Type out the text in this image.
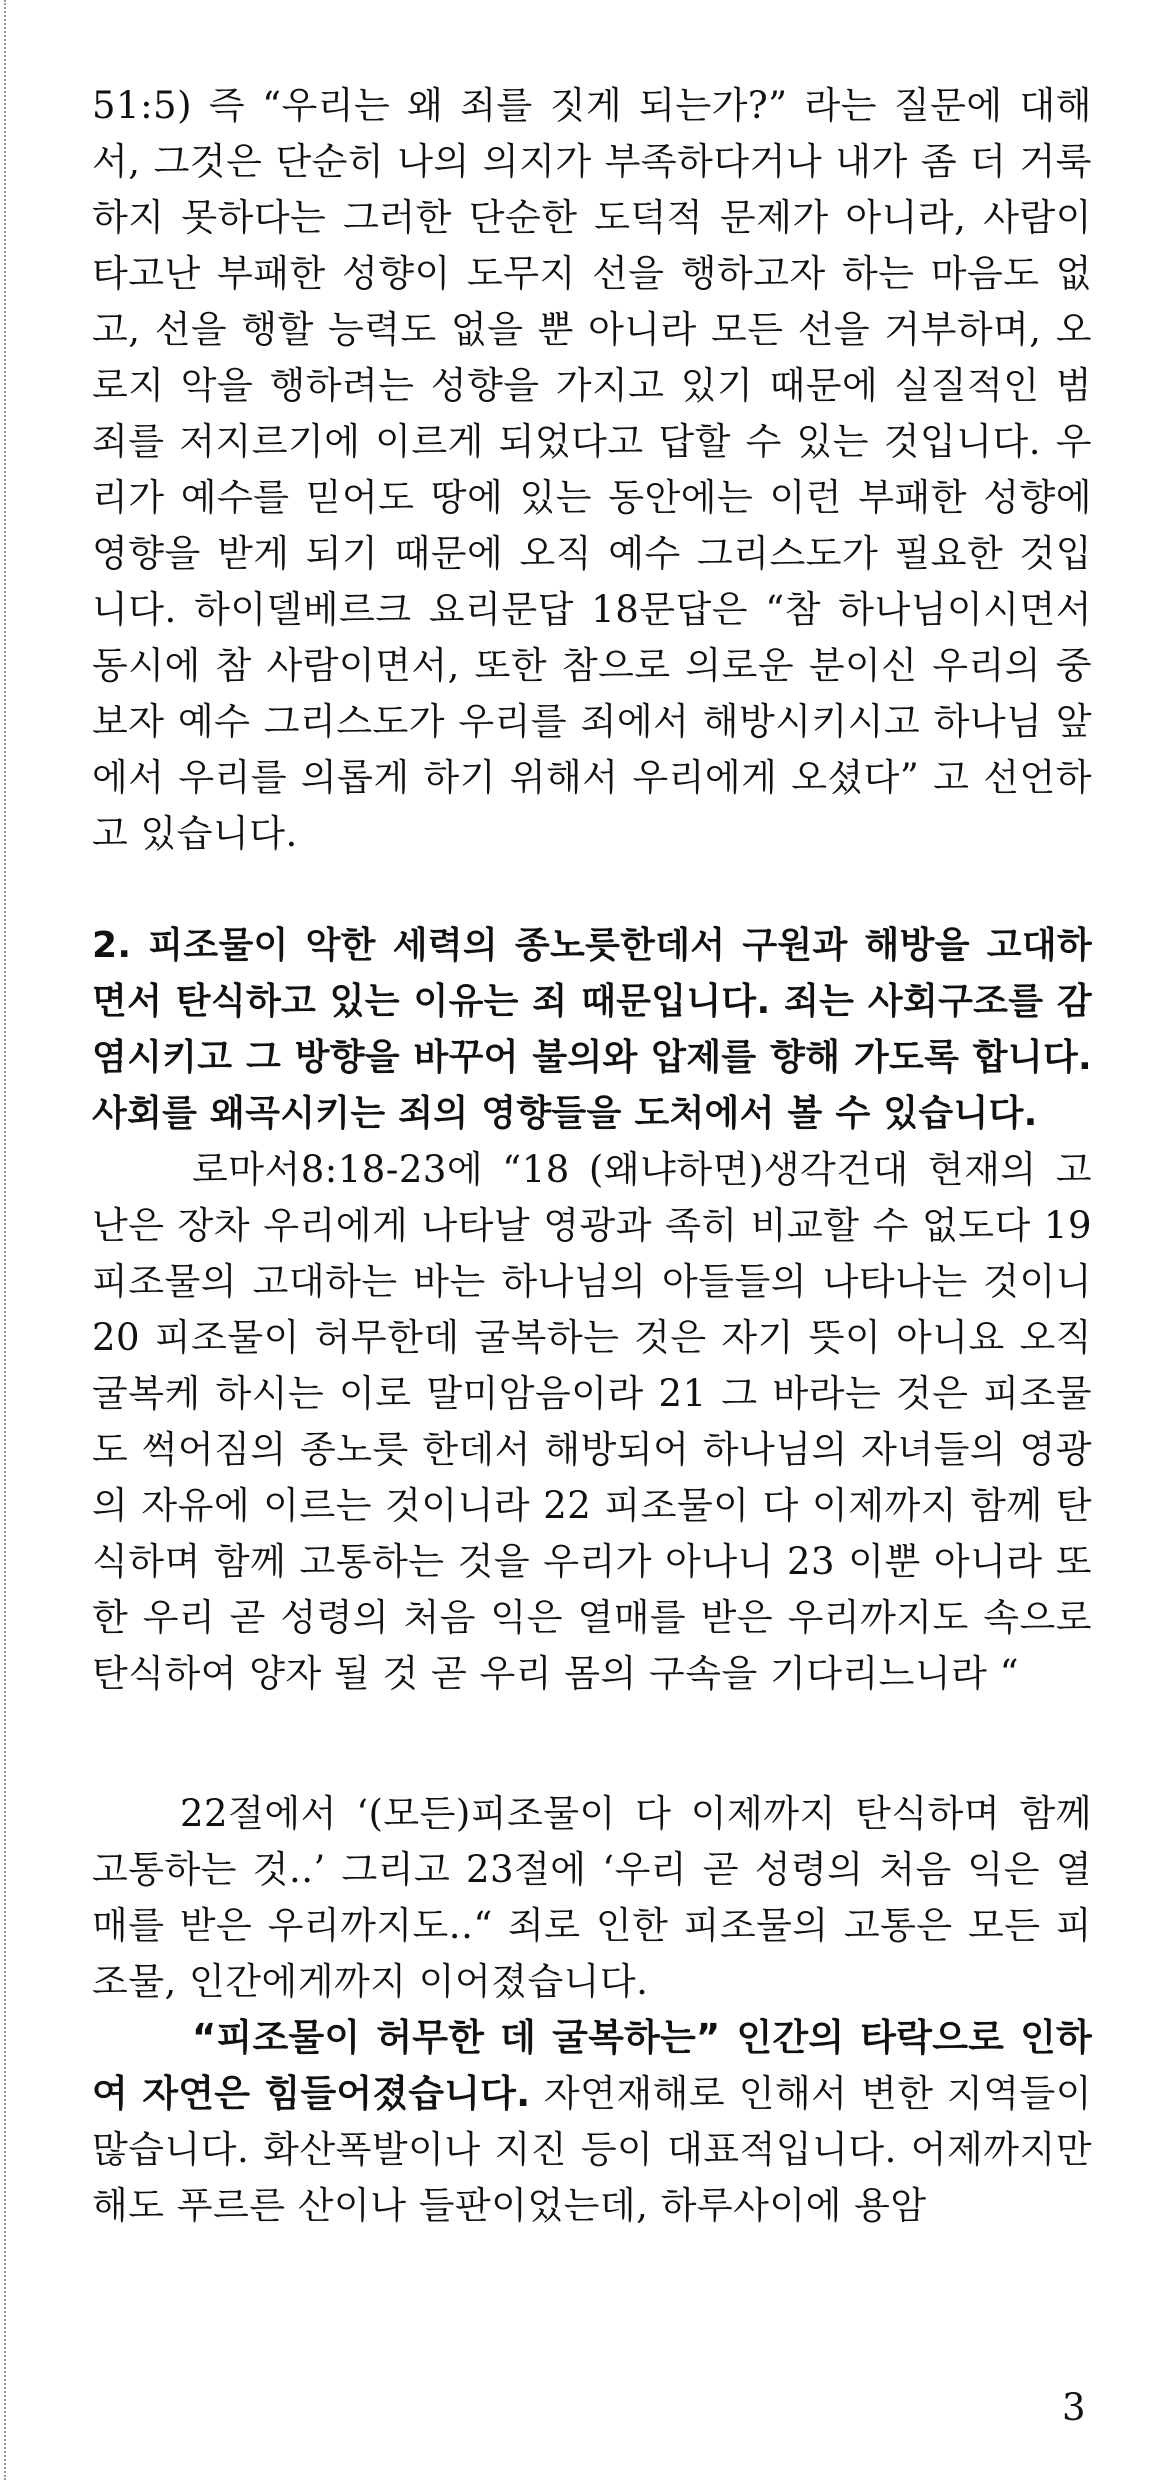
51:5) 즉 “우리는 왜 죄를 짓게 되는가?” 라는 질문에 대해서, 그것은 단순히 나의 의지가 부족하다거나 내가 좀 더 거룩하지 못하다는 그러한 단순한 도덕적 문제가 아니라, 사람이 타고난 부패한 성향이 도무지 선을 행하고자 하는 마음도 없고, 선을 행할 능력도 없을 뿐 아니라 모든 선을 거부하며, 오로지 악을 행하려는 성향을 가지고 있기 때문에 실질적인 범죄를 저지르기에 이르게 되었다고 답할 수 있는 것입니다. 우리가 예수를 믿어도 땅에 있는 동안에는 이런 부패한 성향에 영향을 받게 되기 때문에 오직 예수 그리스도가 필요한 것입니다. 하이델베르크 요리문답 18문답은 “참 하나님이시면서 동시에 참 사람이면서, 또한 참으로 의로운 분이신 우리의 중보자 예수 그리스도가 우리를 죄에서 해방시키시고 하나님 앞에서 우리를 의롭게 하기 위해서 우리에게 오셨다” 고 선언하고 있습니다.

2. 피조물이 악한 세력의 종노릇한데서 구원과 해방을 고대하면서 탄식하고 있는 이유는 죄 때문입니다. 죄는 사회구조를 감염시키고 그 방향을 바꾸어 불의와 압제를 향해 가도록 합니다. 사회를 왜곡시키는 죄의 영향들을 도처에서 볼 수 있습니다.

로마서8:18-23에 “18 (왜냐하면)생각건대 현재의 고난은 장차 우리에게 나타날 영광과 족히 비교할 수 없도다 19 피조물의 고대하는 바는 하나님의 아들들의 나타나는 것이니 20 피조물이 허무한데 굴복하는 것은 자기 뜻이 아니요 오직 굴복케 하시는 이로 말미암음이라 21 그 바라는 것은 피조물도 썩어짐의 종노릇 한데서 해방되어 하나님의 자녀들의 영광의 자유에 이르는 것이니라 22 피조물이 다 이제까지 함께 탄식하며 함께 고통하는 것을 우리가 아나니 23 이뿐 아니라 또한 우리 곧 성령의 처음 익은 열매를 받은 우리까지도 속으로 탄식하여 양자 될 것 곧 우리 몸의 구속을 기다리느니라 “

22절에서 ‘(모든)피조물이 다 이제까지 탄식하며 함께 고통하는 것..’ 그리고 23절에 ‘우리 곧 성령의 처음 익은 열매를 받은 우리까지도..“ 죄로 인한 피조물의 고통은 모든 피조물, 인간에게까지 이어졌습니다.

“피조물이 허무한 데 굴복하는” 인간의 타락으로 인하여 자연은 힘들어졌습니다. 자연재해로 인해서 변한 지역들이 많습니다. 화산폭발이나 지진 등이 대표적입니다. 어제까지만 해도 푸르른 산이나 들판이었는데, 하루사이에 용암

3
